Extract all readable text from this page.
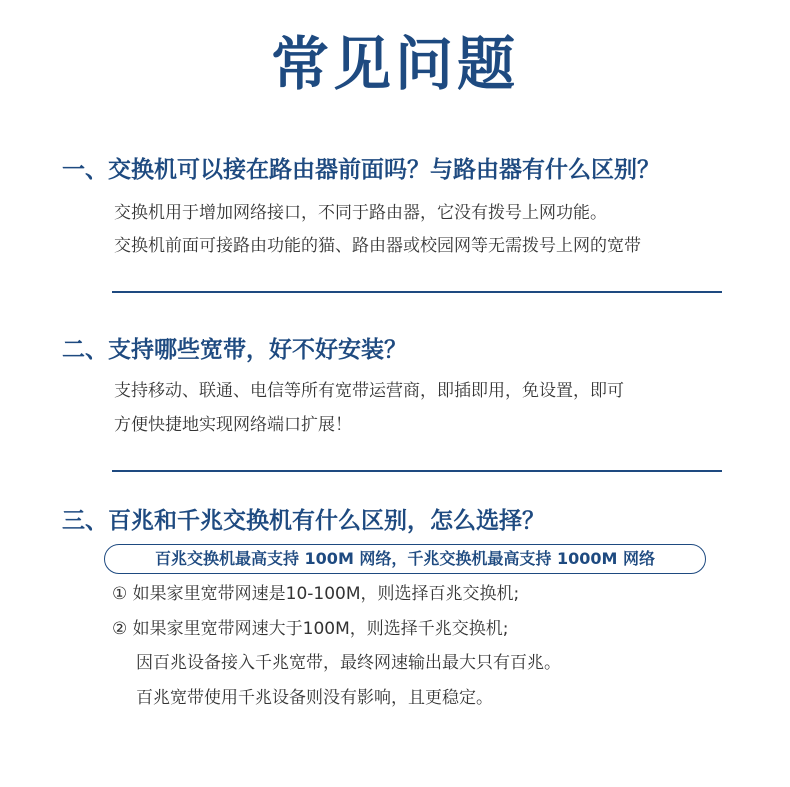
常见问题
一、交换机可以接在路由器前面吗？与路由器有什么区别？
交换机用于增加网络接口，不同于路由器，它没有拨号上网功能。
交换机前面可接路由功能的猫、路由器或校园网等无需拨号上网的宽带
二、支持哪些宽带，好不好安装？
支持移动、联通、电信等所有宽带运营商，即插即用，免设置，即可
方便快捷地实现网络端口扩展！
三、百兆和千兆交换机有什么区别，怎么选择？
百兆交换机最高支持 100M 网络，千兆交换机最高支持 1000M 网络
① 如果家里宽带网速是10-100M，则选择百兆交换机;
② 如果家里宽带网速大于100M，则选择千兆交换机;
因百兆设备接入千兆宽带，最终网速输出最大只有百兆。
百兆宽带使用千兆设备则没有影响，且更稳定。
